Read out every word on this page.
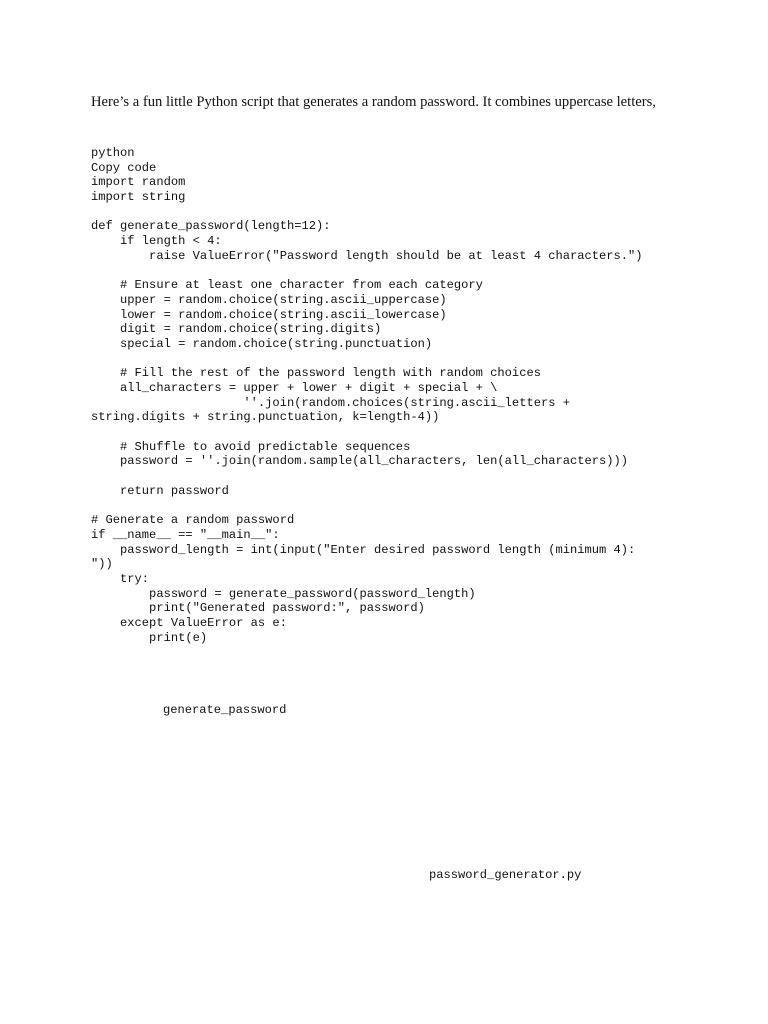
Here’s a fun little Python script that generates a random password. It combines uppercase letters,
python
Copy code
import random
import string
def generate_password(length=12):
if length < 4:
raise ValueError("Password length should be at least 4 characters.")
# Ensure at least one character from each category
upper = random.choice(string.ascii_uppercase)
lower = random.choice(string.ascii_lowercase)
digit = random.choice(string.digits)
special = random.choice(string.punctuation)
# Fill the rest of the password length with random choices
all_characters = upper + lower + digit + special + \
''.join(random.choices(string.ascii_letters +
string.digits + string.punctuation, k=length-4))
# Shuffle to avoid predictable sequences
password = ''.join(random.sample(all_characters, len(all_characters)))
return password
# Generate a random password
if __name__ == "__main__":
password_length = int(input("Enter desired password length (minimum 4):
"))
try:
password = generate_password(password_length)
print("Generated password:", password)
except ValueError as e:
print(e)
generate_password
password_generator.py
